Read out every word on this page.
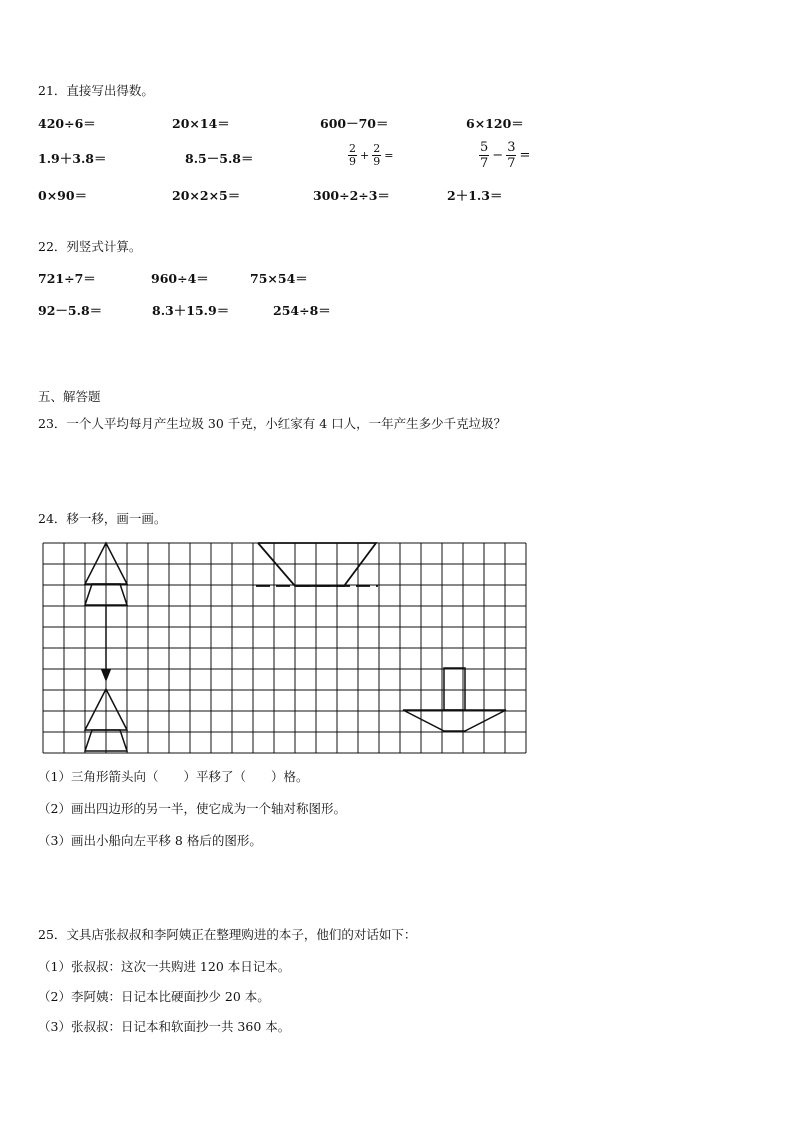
21．直接写出得数。
420÷6＝	20×14＝	600－70＝	6×120＝
1.9＋3.8＝	8.5－5.8＝	$\frac{2}{9} + \frac{2}{9}$ =	$\frac{5}{7} - \frac{3}{7}$ =
0×90＝	20×2×5＝	300÷2÷3＝	2＋1.3＝
22．列竖式计算。
721÷7＝	960÷4＝	75×54＝
92－5.8＝	8.3＋15.9＝	254÷8＝
五、解答题
23．一个人平均每月产生垃圾 30 千克，小红家有 4 口人，一年产生多少千克垃圾？
24．移一移，画一画。
（1）三角形箭头向（　　）平移了（　　）格。
（2）画出四边形的另一半，使它成为一个轴对称图形。
（3）画出小船向左平移 8 格后的图形。
25．文具店张叔叔和李阿姨正在整理购进的本子，他们的对话如下：
（1）张叔叔：这次一共购进 120 本日记本。
（2）李阿姨：日记本比硬面抄少 20 本。
（3）张叔叔：日记本和软面抄一共 360 本。
